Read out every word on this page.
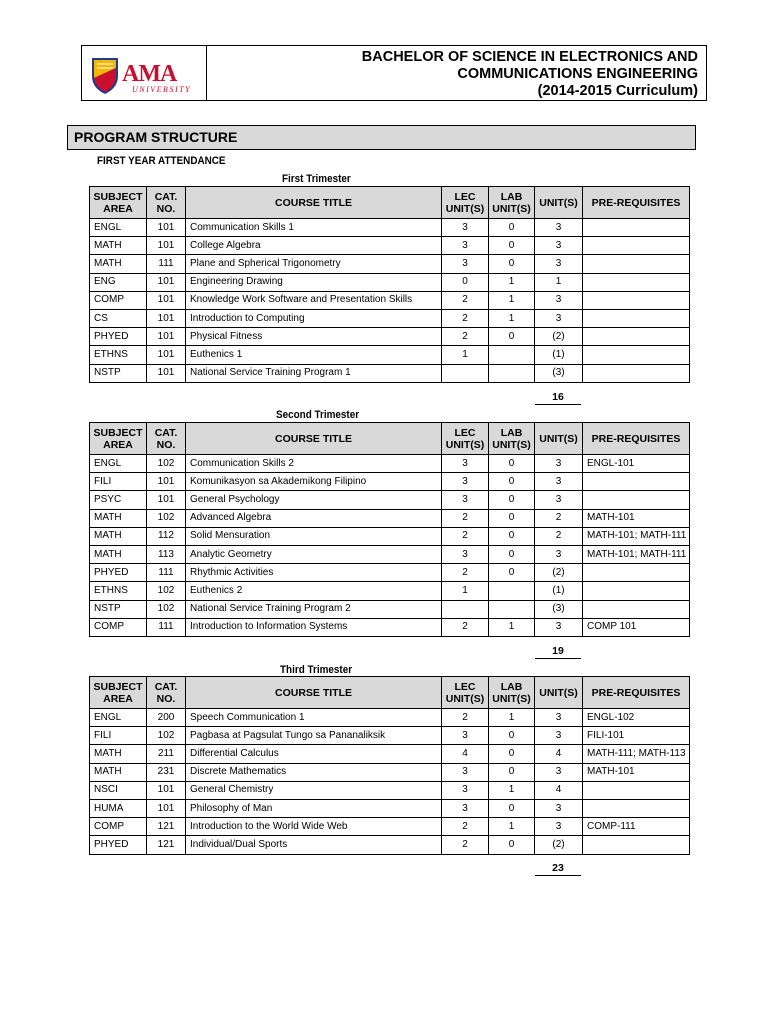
AMA
UNIVERSITY
BACHELOR OF SCIENCE IN ELECTRONICS AND
COMMUNICATIONS ENGINEERING
(2014-2015 Curriculum)
PROGRAM STRUCTURE
FIRST YEAR ATTENDANCE
First Trimester
SUBJECT AREA	CAT. NO.	COURSE TITLE	LEC UNIT(S)	LAB UNIT(S)	UNIT(S)	PRE-REQUISITES
ENGL	101	Communication Skills 1	3	0	3	
MATH	101	College Algebra	3	0	3	
MATH	111	Plane and Spherical Trigonometry	3	0	3	
ENG	101	Engineering Drawing	0	1	1	
COMP	101	Knowledge Work Software and Presentation Skills	2	1	3	
CS	101	Introduction to Computing	2	1	3	
PHYED	101	Physical Fitness	2	0	(2)	
ETHNS	101	Euthenics 1	1		(1)	
NSTP	101	National Service Training Program 1			(3)	
16
Second Trimester
SUBJECT AREA	CAT. NO.	COURSE TITLE	LEC UNIT(S)	LAB UNIT(S)	UNIT(S)	PRE-REQUISITES
ENGL	102	Communication Skills 2	3	0	3	ENGL-101
FILI	101	Komunikasyon sa Akademikong Filipino	3	0	3	
PSYC	101	General Psychology	3	0	3	
MATH	102	Advanced Algebra	2	0	2	MATH-101
MATH	112	Solid Mensuration	2	0	2	MATH-101; MATH-111
MATH	113	Analytic Geometry	3	0	3	MATH-101; MATH-111
PHYED	111	Rhythmic Activities	2	0	(2)	
ETHNS	102	Euthenics 2	1		(1)	
NSTP	102	National Service Training Program 2			(3)	
COMP	111	Introduction to Information Systems	2	1	3	COMP 101
19
Third Trimester
SUBJECT AREA	CAT. NO.	COURSE TITLE	LEC UNIT(S)	LAB UNIT(S)	UNIT(S)	PRE-REQUISITES
ENGL	200	Speech Communication 1	2	1	3	ENGL-102
FILI	102	Pagbasa at Pagsulat Tungo sa Pananaliksik	3	0	3	FILI-101
MATH	211	Differential Calculus	4	0	4	MATH-111; MATH-113
MATH	231	Discrete Mathematics	3	0	3	MATH-101
NSCI	101	General Chemistry	3	1	4	
HUMA	101	Philosophy of Man	3	0	3	
COMP	121	Introduction to the World Wide Web	2	1	3	COMP-111
PHYED	121	Individual/Dual Sports	2	0	(2)	
23
